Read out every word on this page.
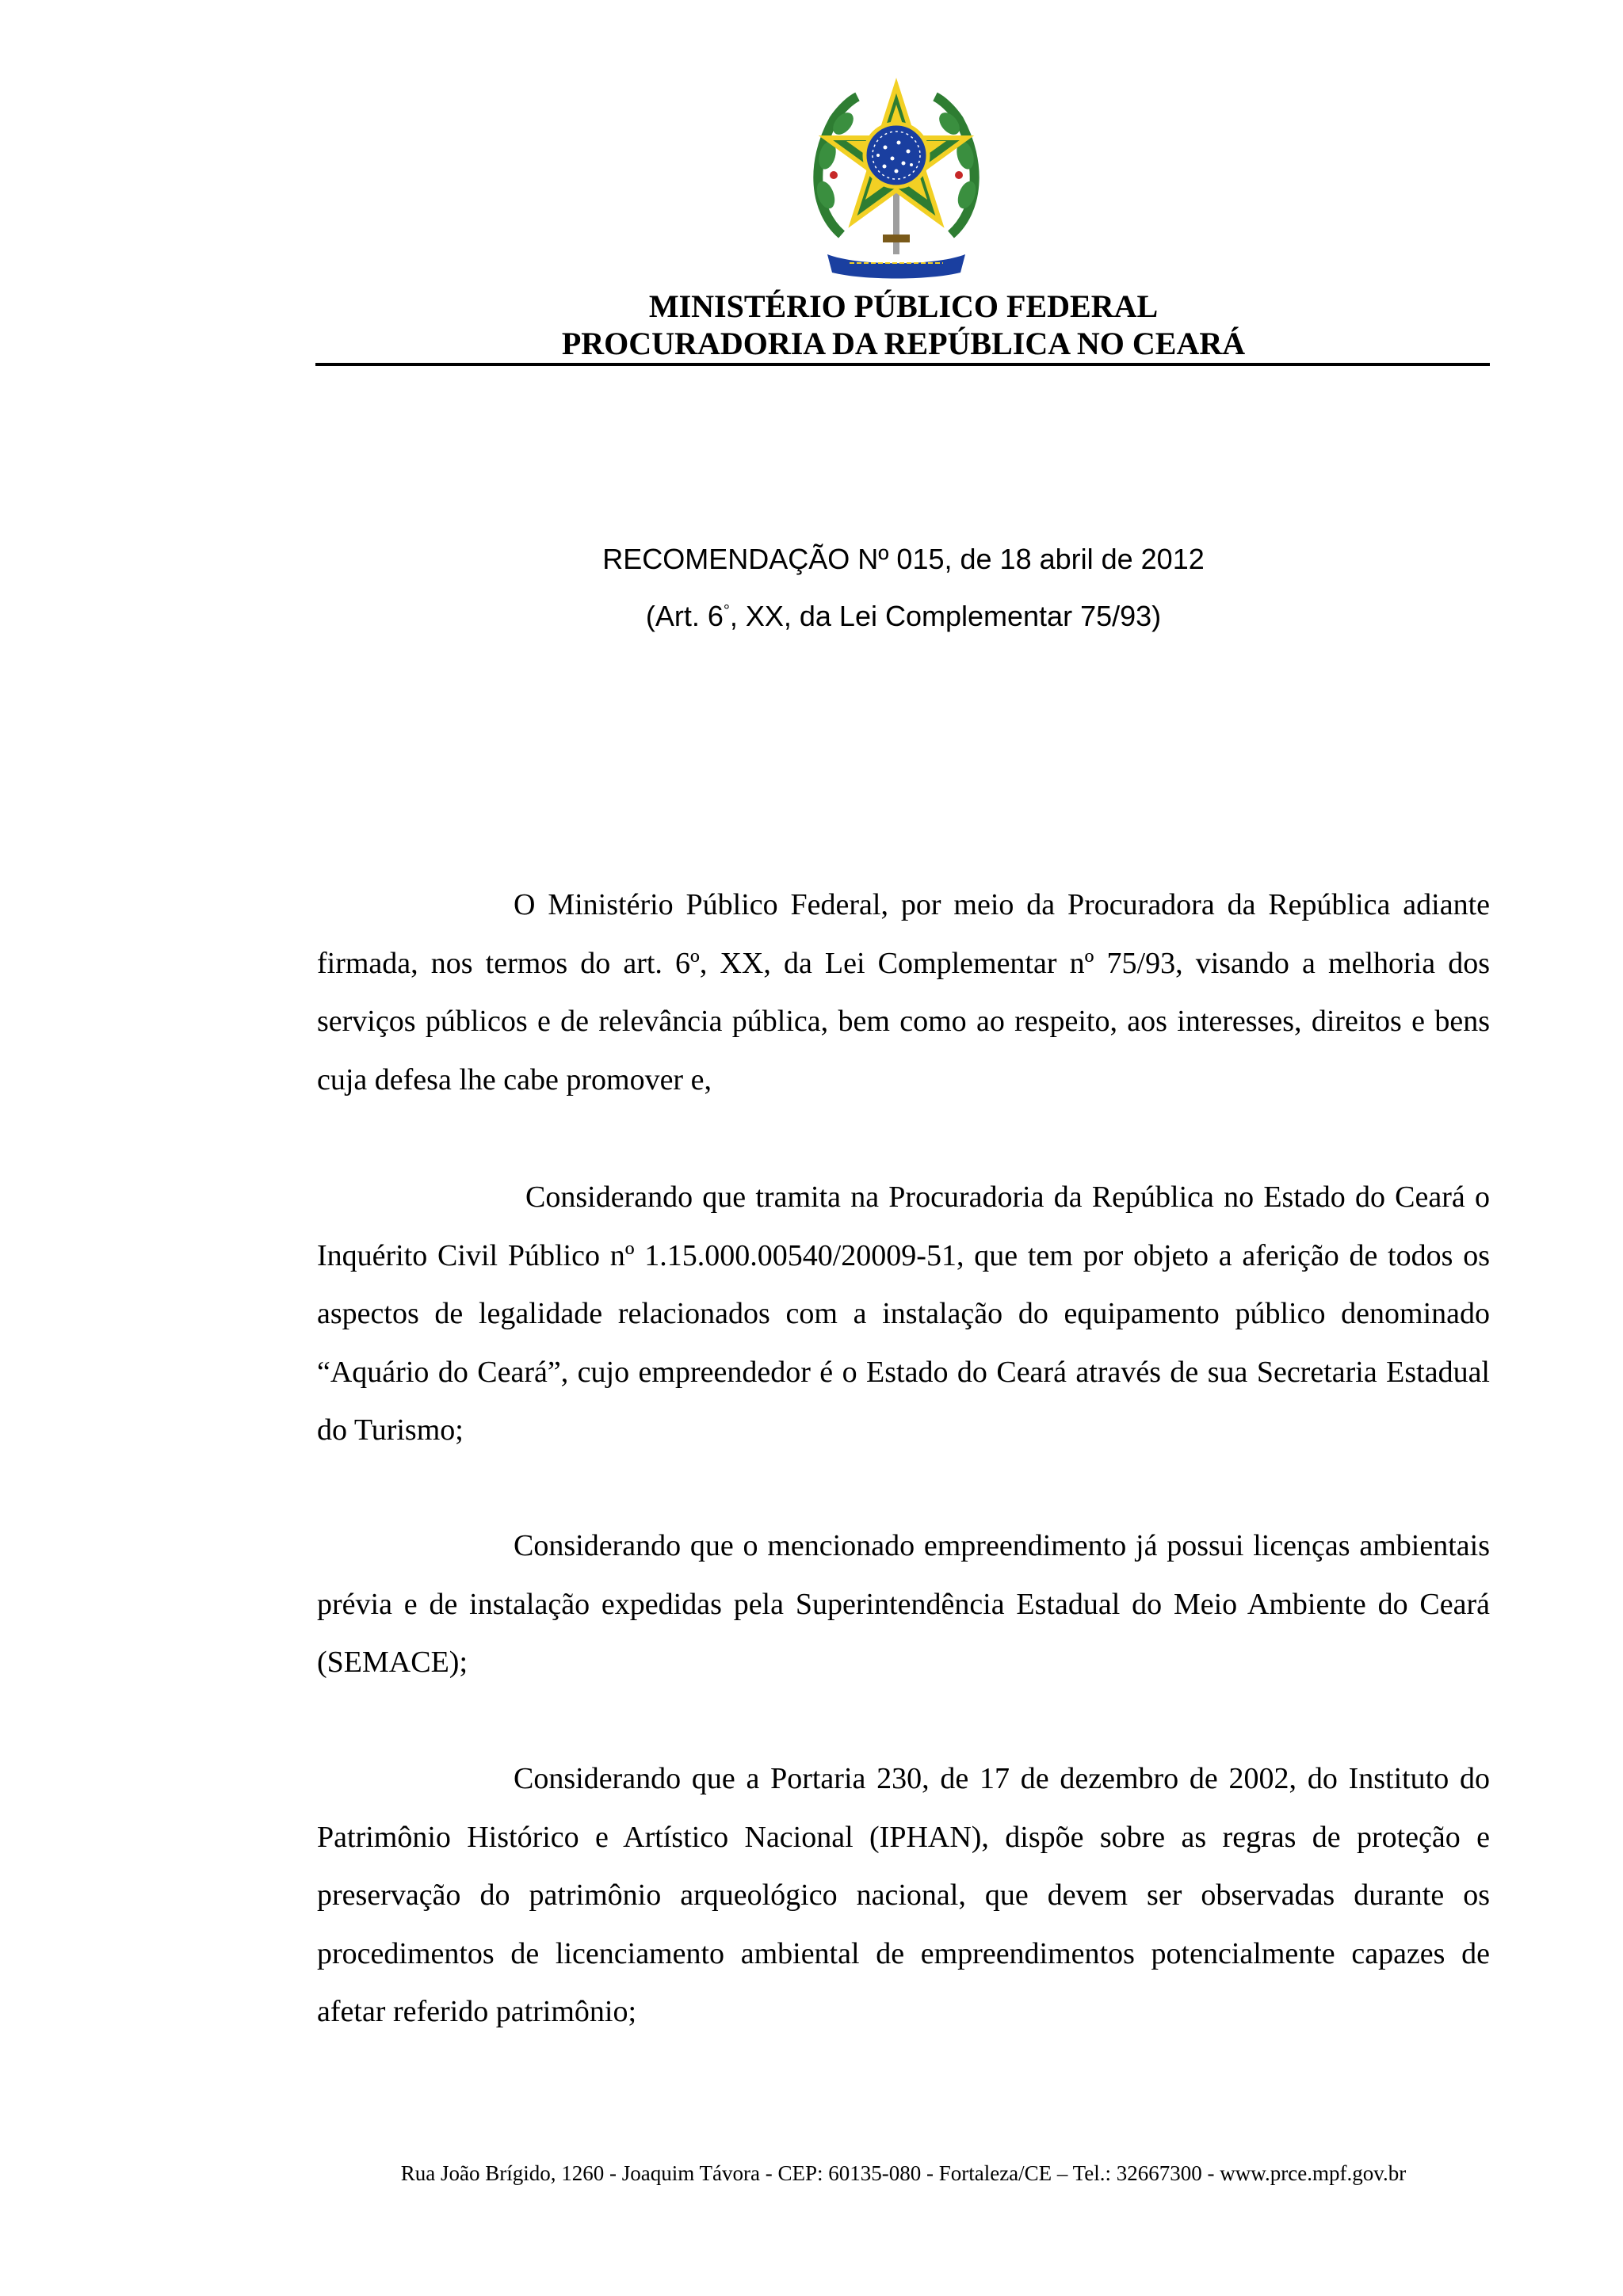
MINISTÉRIO PÚBLICO FEDERAL
PROCURADORIA DA REPÚBLICA NO CEARÁ
RECOMENDAÇÃO Nº 015, de 18 abril de 2012
(Art. 6°, XX, da Lei Complementar 75/93)

O Ministério Público Federal, por meio da Procuradora da República adiante firmada, nos termos do art. 6º, XX, da Lei Complementar nº 75/93, visando a melhoria dos serviços públicos e de relevância pública, bem como ao respeito, aos interesses, direitos e bens cuja defesa lhe cabe promover e,

Considerando que tramita na Procuradoria da República no Estado do Ceará o Inquérito Civil Público nº 1.15.000.00540/20009-51, que tem por objeto a aferição de todos os aspectos de legalidade relacionados com a instalação do equipamento público denominado “Aquário do Ceará”, cujo empreendedor é o Estado do Ceará através de sua Secretaria Estadual do Turismo;

Considerando que o mencionado empreendimento já possui licenças ambientais prévia e de instalação expedidas pela Superintendência Estadual do Meio Ambiente do Ceará (SEMACE);

Considerando que a Portaria 230, de 17 de dezembro de 2002, do Instituto do Patrimônio Histórico e Artístico Nacional (IPHAN), dispõe sobre as regras de proteção e preservação do patrimônio arqueológico nacional, que devem ser observadas durante os procedimentos de licenciamento ambiental de empreendimentos potencialmente capazes de afetar referido patrimônio;

Rua João Brígido, 1260 - Joaquim Távora - CEP: 60135-080 - Fortaleza/CE – Tel.: 32667300 - www.prce.mpf.gov.br
